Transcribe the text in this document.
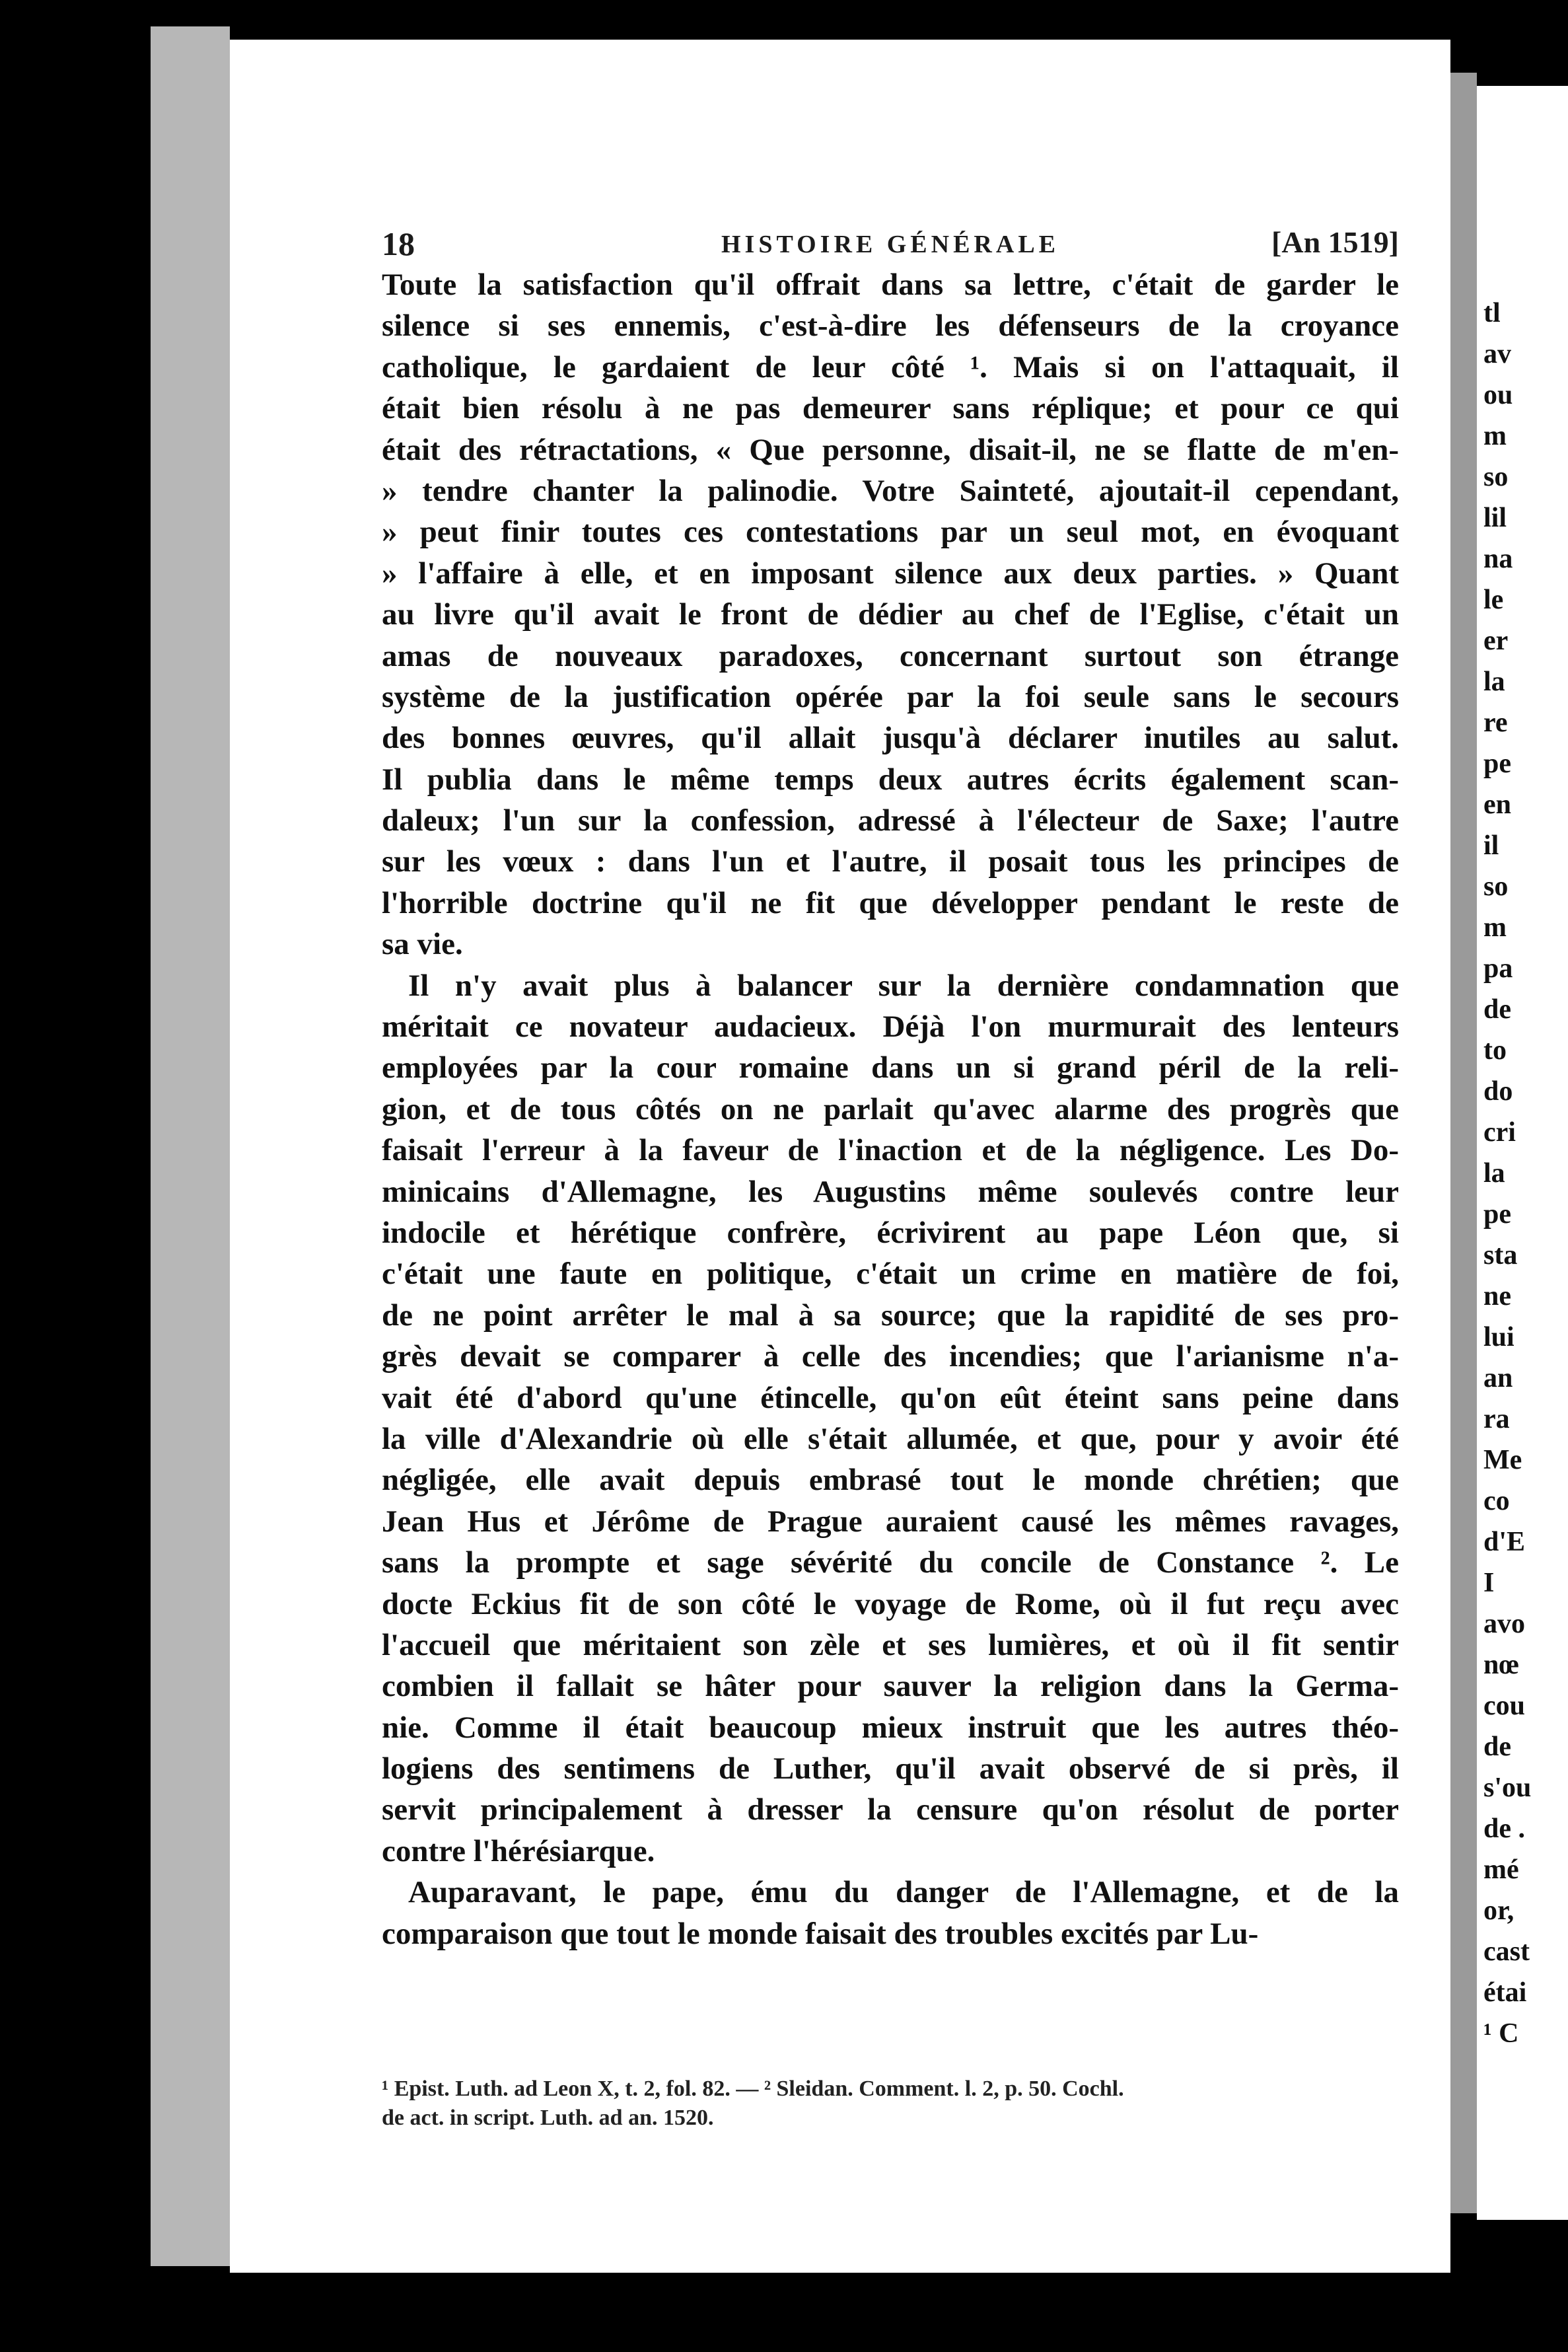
18	HISTOIRE GÉNÉRALE	[An 1519]
Toute la satisfaction qu'il offrait dans sa lettre, c'était de garder le
silence si ses ennemis, c'est-à-dire les défenseurs de la croyance
catholique, le gardaient de leur côté ¹. Mais si on l'attaquait, il
était bien résolu à ne pas demeurer sans réplique; et pour ce qui
était des rétractations, « Que personne, disait-il, ne se flatte de m'en-
» tendre chanter la palinodie. Votre Sainteté, ajoutait-il cependant,
» peut finir toutes ces contestations par un seul mot, en évoquant
» l'affaire à elle, et en imposant silence aux deux parties. » Quant
au livre qu'il avait le front de dédier au chef de l'Eglise, c'était un
amas de nouveaux paradoxes, concernant surtout son étrange
système de la justification opérée par la foi seule sans le secours
des bonnes œuvres, qu'il allait jusqu'à déclarer inutiles au salut.
Il publia dans le même temps deux autres écrits également scan-
daleux; l'un sur la confession, adressé à l'électeur de Saxe; l'autre
sur les vœux : dans l'un et l'autre, il posait tous les principes de
l'horrible doctrine qu'il ne fit que développer pendant le reste de
sa vie.
Il n'y avait plus à balancer sur la dernière condamnation que
méritait ce novateur audacieux. Déjà l'on murmurait des lenteurs
employées par la cour romaine dans un si grand péril de la reli-
gion, et de tous côtés on ne parlait qu'avec alarme des progrès que
faisait l'erreur à la faveur de l'inaction et de la négligence. Les Do-
minicains d'Allemagne, les Augustins même soulevés contre leur
indocile et hérétique confrère, écrivirent au pape Léon que, si
c'était une faute en politique, c'était un crime en matière de foi,
de ne point arrêter le mal à sa source; que la rapidité de ses pro-
grès devait se comparer à celle des incendies; que l'arianisme n'a-
vait été d'abord qu'une étincelle, qu'on eût éteint sans peine dans
la ville d'Alexandrie où elle s'était allumée, et que, pour y avoir été
négligée, elle avait depuis embrasé tout le monde chrétien; que
Jean Hus et Jérôme de Prague auraient causé les mêmes ravages,
sans la prompte et sage sévérité du concile de Constance ². Le
docte Eckius fit de son côté le voyage de Rome, où il fut reçu avec
l'accueil que méritaient son zèle et ses lumières, et où il fit sentir
combien il fallait se hâter pour sauver la religion dans la Germa-
nie. Comme il était beaucoup mieux instruit que les autres théo-
logiens des sentimens de Luther, qu'il avait observé de si près, il
servit principalement à dresser la censure qu'on résolut de porter
contre l'hérésiarque.
Auparavant, le pape, ému du danger de l'Allemagne, et de la
comparaison que tout le monde faisait des troubles excités par Lu-
¹ Epist. Luth. ad Leon X, t. 2, fol. 82. — ² Sleidan. Comment. l. 2, p. 50. Cochl.
de act. in script. Luth. ad an. 1520.
tl
av
ou
m
so
lil
na
le
er
la
re
pe
en
il
so
m
pa
de
to
do
cri
la
pe
sta
ne
lui
an
ra
Me
co
d'E
I
avo
nœ
cou
de
s'ou
de .
mé
or,
cast
étai
¹ C
